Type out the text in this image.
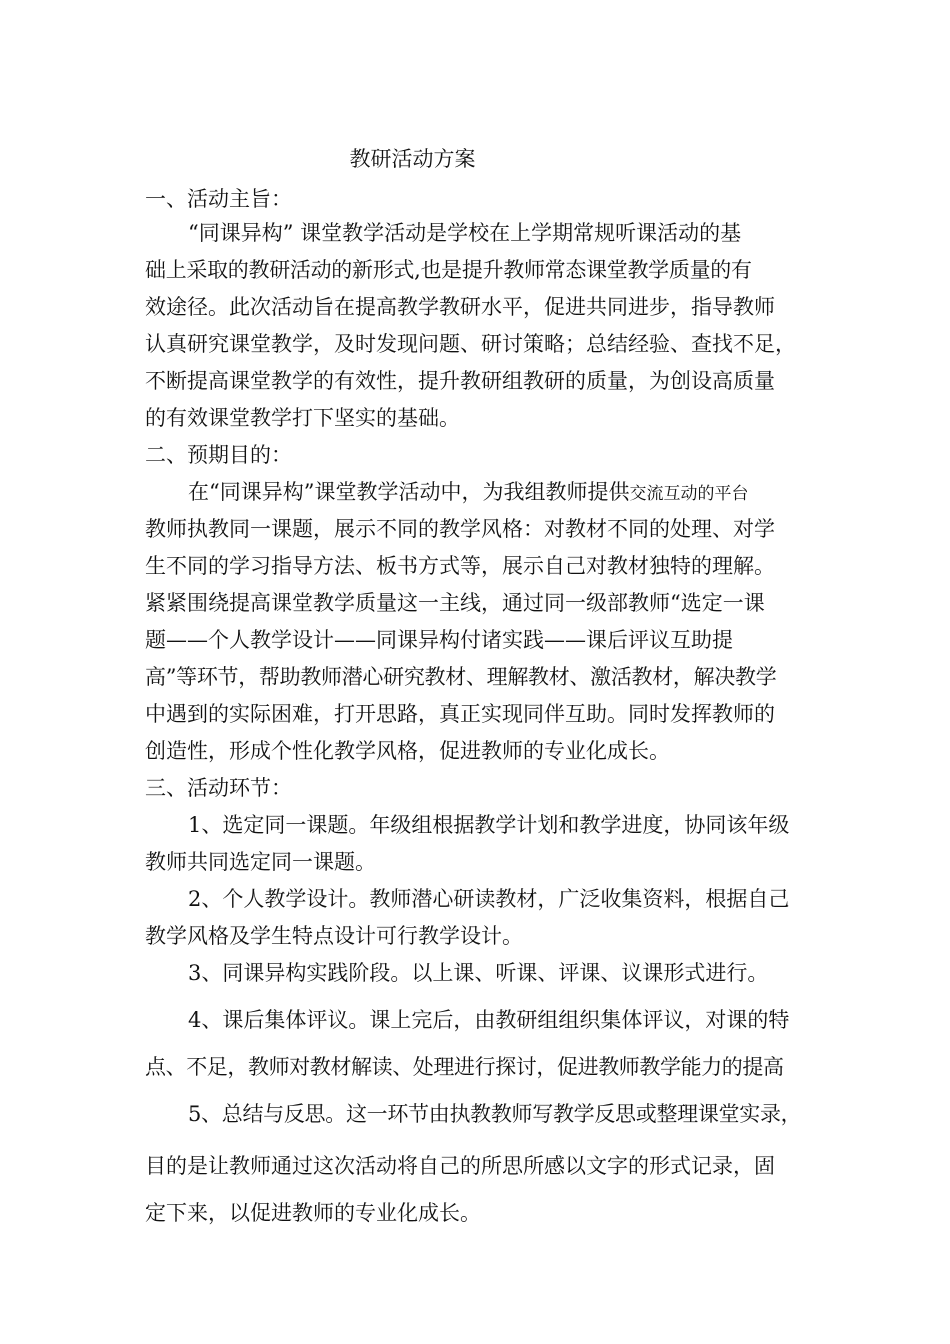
教研活动方案
一、活动主旨：
“同课异构” 课堂教学活动是学校在上学期常规听课活动的基
础上采取的教研活动的新形式,也是提升教师常态课堂教学质量的有
效途径。此次活动旨在提高教学教研水平，促进共同进步，指导教师
认真研究课堂教学，及时发现问题、研讨策略；总结经验、查找不足，
不断提高课堂教学的有效性，提升教研组教研的质量，为创设高质量
的有效课堂教学打下坚实的基础。
二、预期目的：
在“同课异构”课堂教学活动中，为我组教师提供交流互动的平台
教师执教同一课题，展示不同的教学风格：对教材不同的处理、对学
生不同的学习指导方法、板书方式等，展示自己对教材独特的理解。
紧紧围绕提高课堂教学质量这一主线，通过同一级部教师“选定一课
题——个人教学设计——同课异构付诸实践——课后评议互助提
高”等环节，帮助教师潜心研究教材、理解教材、激活教材，解决教学
中遇到的实际困难，打开思路，真正实现同伴互助。同时发挥教师的
创造性，形成个性化教学风格，促进教师的专业化成长。
三、活动环节：
1、选定同一课题。年级组根据教学计划和教学进度，协同该年级
教师共同选定同一课题。
2、个人教学设计。教师潜心研读教材，广泛收集资料，根据自己
教学风格及学生特点设计可行教学设计。
3、同课异构实践阶段。以上课、听课、评课、议课形式进行。
4、课后集体评议。课上完后，由教研组组织集体评议，对课的特
点、不足，教师对教材解读、处理进行探讨，促进教师教学能力的提高
5、总结与反思。这一环节由执教教师写教学反思或整理课堂实录，
目的是让教师通过这次活动将自己的所思所感以文字的形式记录，固
定下来，以促进教师的专业化成长。
